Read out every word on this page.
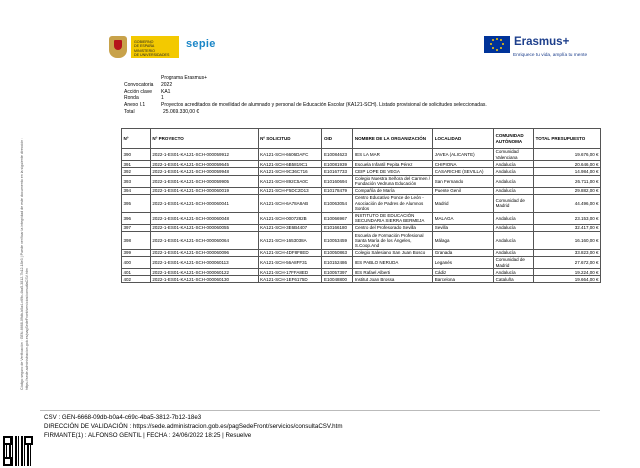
GOBIERNO
DE ESPAÑA
MINISTERIO
DE UNIVERSIDADES
sepie	Erasmus+
Enriquece tu vida, amplía tu mente
Programa Erasmus+
Convocatoria 2022
Acción clave KA1
Ronda	1
Anexo I.1	Proyectos acreditados de movilidad de alumnado y personal de Educación Escolar (KA121-SCH). Listado provisional de solicitudes seleccionadas.
Total	25.069.330,00 €
Nº	Nº PROYECTO	Nº SOLICITUD	OID	NOMBRE DE LA ORGANIZACIÓN	LOCALIDAD	COMUNIDAD AUTÓNOMA	TOTAL PRESUPUESTO
390	2022-1-ES01-KA121-SCH-000059912	KA121-SCH-6606DAFC	E10084623	IES LA MAR	JAVEA (ALICANTE)	Comunidad Valenciana	19.676,00 €
391	2022-1-ES01-KA121-SCH-000059645	KA121-SCH-6B5819C1	E10081939	Escuela Infantil Pepita Pérez	CHIPIONA	Andalucía	20.646,00 €
392	2022-1-ES01-KA121-SCH-000059948	KA121-SCH-9C36C716	E10167733	CEIP LOPE DE VEGA	CASARICHE (SEVILLA)	Andalucía	14.984,00 €
393	2022-1-ES01-KA121-SCH-000059905	KA121-SCH-892C5A0C	E10160694	Colegio Nuestra Señora del Carmen / Fundación Vedruna Educación	San Fernando	Andalucía	26.711,00 €
394	2022-1-ES01-KA121-SCH-000060019	KA121-SCH-F5DC2D13	E10178479	Compañía de María	Puente Genil	Andalucía	29.882,00 €
395	2022-1-ES01-KA121-SCH-000060041	KA121-SCH-6A78A8AB	E10063054	Centro Educativo Ponce de León - Asociación de Padres de Alumnos Sordos	Madrid	Comunidad de Madrid	44.496,00 €
396	2022-1-ES01-KA121-SCH-000060048	KA121-SCH-0007282B	E10066967	INSTITUTO DE EDUCACIÓN SECUNDARIA SIERRA BERMEJA	MALAGA	Andalucía	23.153,00 €
397	2022-1-ES01-KA121-SCH-000060055	KA121-SCH-3E6B4407	E10166180	Centro del Profesorado Sevilla	Sevilla	Andalucía	32.417,00 €
398	2022-1-ES01-KA121-SCH-000060064	KA121-SCH-1653038A	E10053459	Escuela de Formación Profesional Santa María de los Ángeles, S.Coop.And	Málaga	Andalucía	16.160,00 €
399	2022-1-ES01-KA121-SCH-000060096	KA121-SCH-4DF8F8ED	E10050863	Colegio Salesiano San Juan Bosco	Granada	Andalucía	33.823,00 €
400	2022-1-ES01-KA121-SCH-000060113	KA121-SCH-56A8FF31	E10152486	IES PABLO NERUDA	Leganés	Comunidad de Madrid	27.672,00 €
401	2022-1-ES01-KA121-SCH-000060122	KA121-SCH-17FFA8ED	E10057397	IES Rafael Alberti	Cádiz	Andalucía	19.224,00 €
402	2022-1-ES01-KA121-SCH-000060130	KA121-SCH-1EF6175D	E10048800	Institut Joan Brossa	Barcelona	Cataluña	19.664,00 €

Código seguro de Verificación : GEN-6668-09db-b0a4-c69c-4ba5-3812-7b12-18e3 | Puede verificar la integridad de este documento en la siguiente dirección : https://sede.administracion.gob.es/pagSedeFront/servicios/consultaCSV.htm

CSV : GEN-6668-09db-b0a4-c69c-4ba5-3812-7b12-18e3
DIRECCIÓN DE VALIDACIÓN : https://sede.administracion.gob.es/pagSedeFront/servicios/consultaCSV.htm
FIRMANTE(1) : ALFONSO GENTIL | FECHA : 24/06/2022 18:25 | Resuelve
